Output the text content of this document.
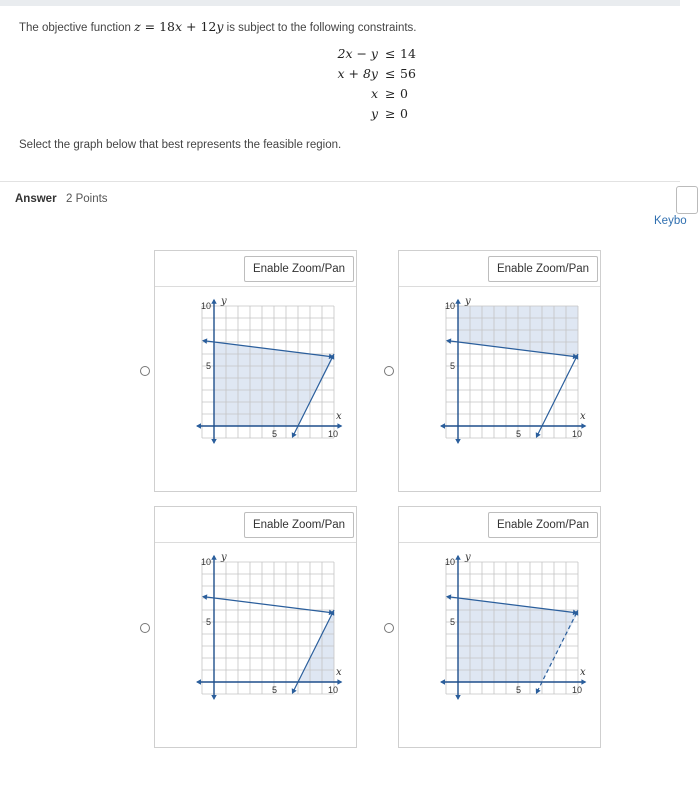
The objective function z = 18x + 12y is subject to the following constraints.
2x − y ≤ 14
x + 8y ≤ 56
x ≥ 0
y ≥ 0
Select the graph below that best represents the feasible region.
Answer 2 Points
Keybo
Enable Zoom/Pan
5	10
5
10
x
y
Enable Zoom/Pan
5	10
5
10
x
y
Enable Zoom/Pan
5	10
5
10
x
y
Enable Zoom/Pan
5	10
5
10
x
y
